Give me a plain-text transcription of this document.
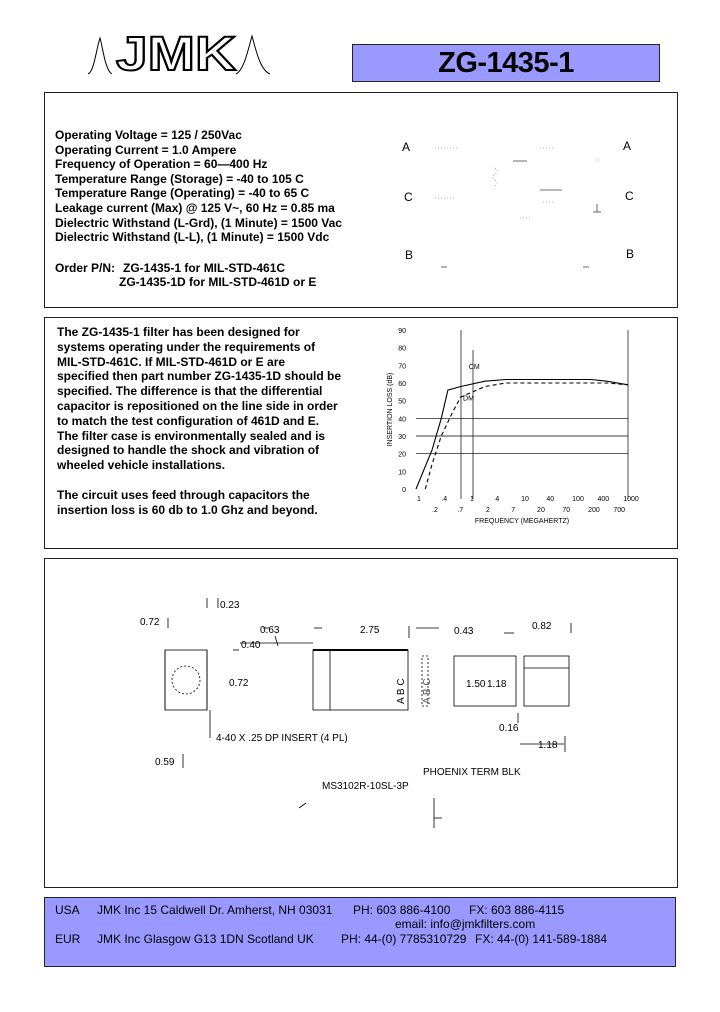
JMK	ZG-1435-1
Operating Voltage = 125 / 250Vac
Operating Current = 1.0 Ampere
Frequency of Operation = 60—400 Hz
Temperature Range (Storage) = -40 to 105 C
Temperature Range (Operating) = -40 to 65 C
Leakage current (Max) @ 125 V~, 60 Hz = 0.85 ma
Dielectric Withstand (L-Grd), (1 Minute) = 1500 Vac
Dielectric Withstand (L-L), (1 Minute) = 1500 Vdc
Order P/N: ZG-1435-1 for MIL-STD-461C
ZG-1435-1D for MIL-STD-461D or E
A	A
C	C
B	B
The ZG-1435-1 filter has been designed for
systems operating under the requirements of
MIL-STD-461C. If MIL-STD-461D or E are
specified then part number ZG-1435-1D should be
specified. The difference is that the differential
capacitor is repositioned on the line side in order
to match the test configuration of 461D and E.
The filter case is environmentally sealed and is
designed to handle the shock and vibration of
wheeled vehicle installations.
The circuit uses feed through capacitors the
insertion loss is 60 db to 1.0 Ghz and beyond.
0
10
20
30
40
50
60
70
80
90
1	.4	1	4	10 40	100 400 1000
.2	.7	2	7	20 70	200 700
FREQUENCY (MEGAHERTZ)
INSERTION LOSS (dB)
CM
DM
0.23
0.72
0.63	2.75	0.43	0.82
0.40
0.72	A B C	1.50 1.18
0.16
1.18
4-40 X .25 DP INSERT (4 PL)
0.59
PHOENIX TERM BLK
MS3102R-10SL-3P
A B C
USA JMK Inc 15 Caldwell Dr. Amherst, NH 03031 PH: 603 886-4100 FX: 603 886-4115
email: info@jmkfilters.com
EUR JMK Inc Glasgow G13 1DN Scotland UK PH: 44-(0) 7785310729 FX: 44-(0) 141-589-1884
